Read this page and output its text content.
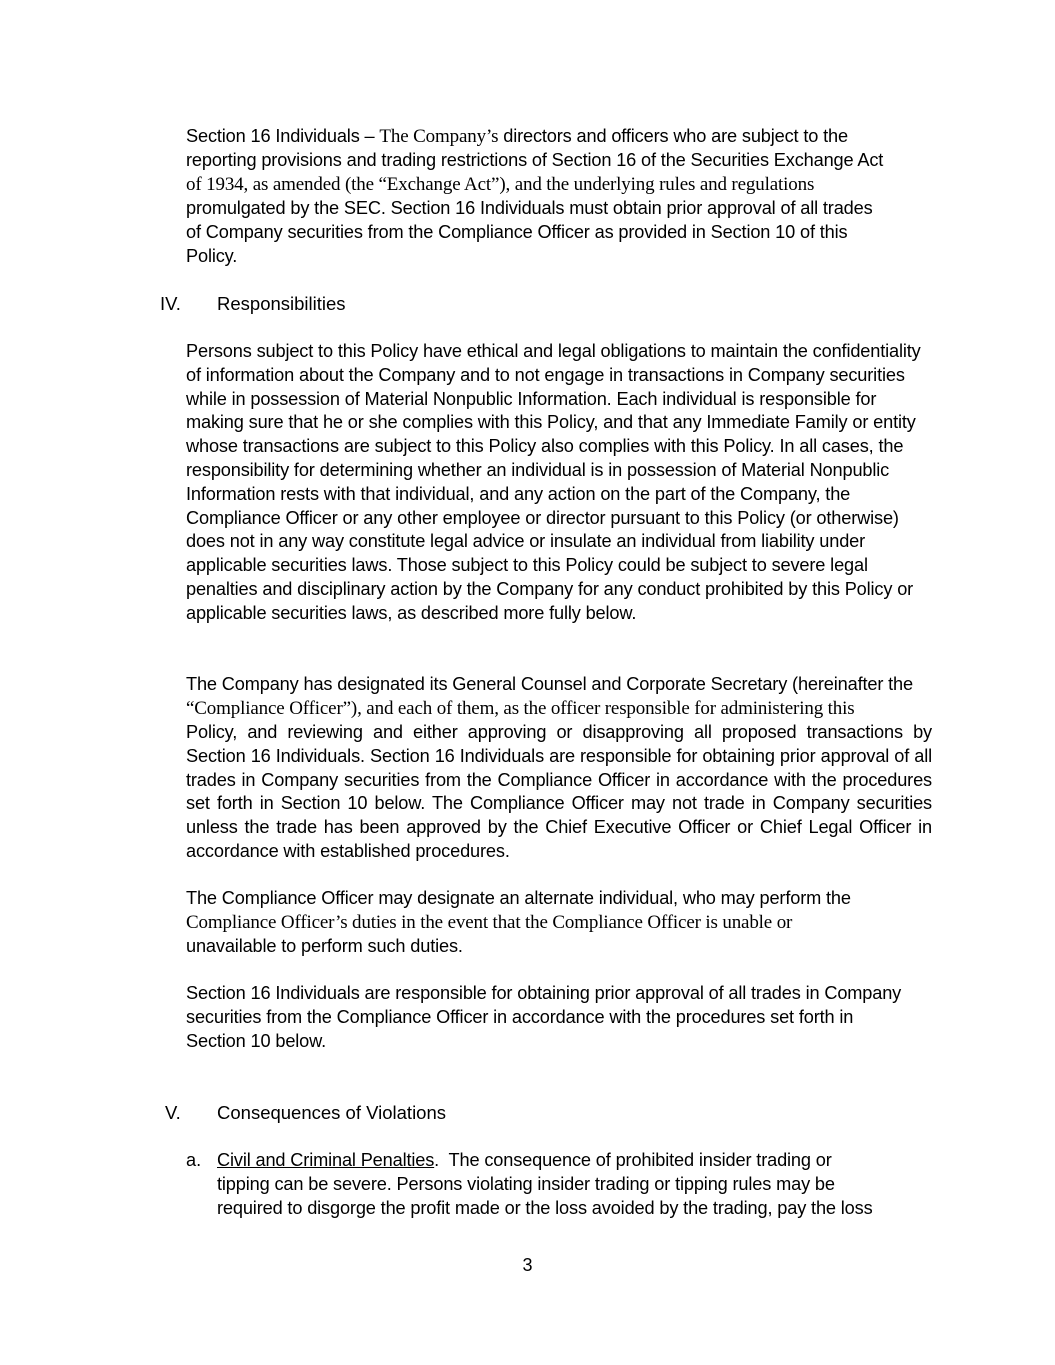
Section 16 Individuals – The Company’s directors and officers who are subject to the
reporting provisions and trading restrictions of Section 16 of the Securities Exchange Act
of 1934, as amended (the “Exchange Act”), and the underlying rules and regulations
promulgated by the SEC. Section 16 Individuals must obtain prior approval of all trades
of Company securities from the Compliance Officer as provided in Section 10 of this
Policy.
IV. Responsibilities

Persons subject to this Policy have ethical and legal obligations to maintain the confidentiality of information about the Company and to not engage in transactions in Company securities while in possession of Material Nonpublic Information. Each individual is responsible for making sure that he or she complies with this Policy, and that any Immediate Family or entity whose transactions are subject to this Policy also complies with this Policy. In all cases, the responsibility for determining whether an individual is in possession of Material Nonpublic Information rests with that individual, and any action on the part of the Company, the Compliance Officer or any other employee or director pursuant to this Policy (or otherwise) does not in any way constitute legal advice or insulate an individual from liability under applicable securities laws. Those subject to this Policy could be subject to severe legal penalties and disciplinary action by the Company for any conduct prohibited by this Policy or applicable securities laws, as described more fully below.

The Company has designated its General Counsel and Corporate Secretary (hereinafter the
“Compliance Officer”), and each of them, as the officer responsible for administering this

Policy, and reviewing and either approving or disapproving all proposed transactions by Section 16 Individuals. Section 16 Individuals are responsible for obtaining prior approval of all trades in Company securities from the Compliance Officer in accordance with the procedures set forth in Section 10 below. The Compliance Officer may not trade in Company securities unless the trade has been approved by the Chief Executive Officer or Chief Legal Officer in accordance with established procedures.

The Compliance Officer may designate an alternate individual, who may perform the
Compliance Officer’s duties in the event that the Compliance Officer is unable or
unavailable to perform such duties.

Section 16 Individuals are responsible for obtaining prior approval of all trades in Company securities from the Compliance Officer in accordance with the procedures set forth in Section 10 below.

V. Consequences of Violations
a. Civil and Criminal Penalties.  The consequence of prohibited insider trading or
tipping can be severe. Persons violating insider trading or tipping rules may be
required to disgorge the profit made or the loss avoided by the trading, pay the loss
3
